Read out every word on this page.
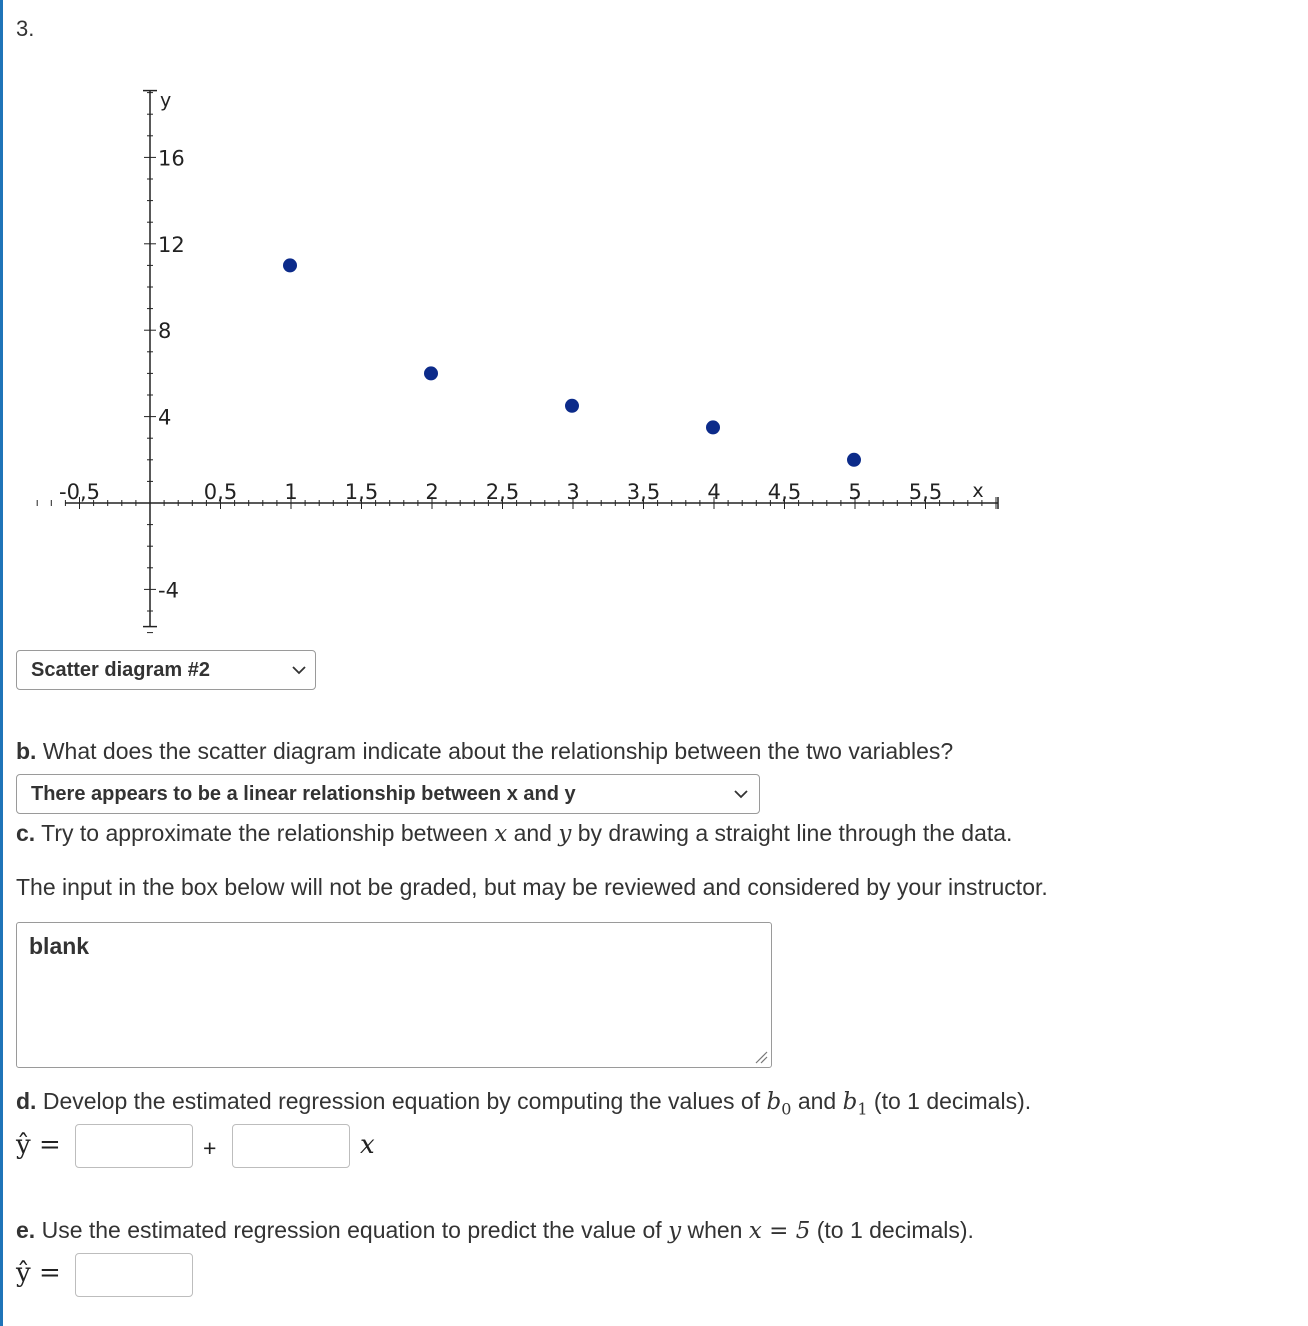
3.
-0,5	0,5 1 1,5 2 2,5 3 3,5 4 4,5 5 5,5
16
12
8
4
-4
x
y
Scatter diagram #2
b. What does the scatter diagram indicate about the relationship between the two variables?
There appears to be a linear relationship between x and y
c. Try to approximate the relationship between x and y by drawing a straight line through the data.
The input in the box below will not be graded, but may be reviewed and considered by your instructor.
blank
d. Develop the estimated regression equation by computing the values of $b_0$ and $b_1$ (to 1 decimals).
ŷ =	+	x
e. Use the estimated regression equation to predict the value of y when x = 5 (to 1 decimals).
ŷ =
